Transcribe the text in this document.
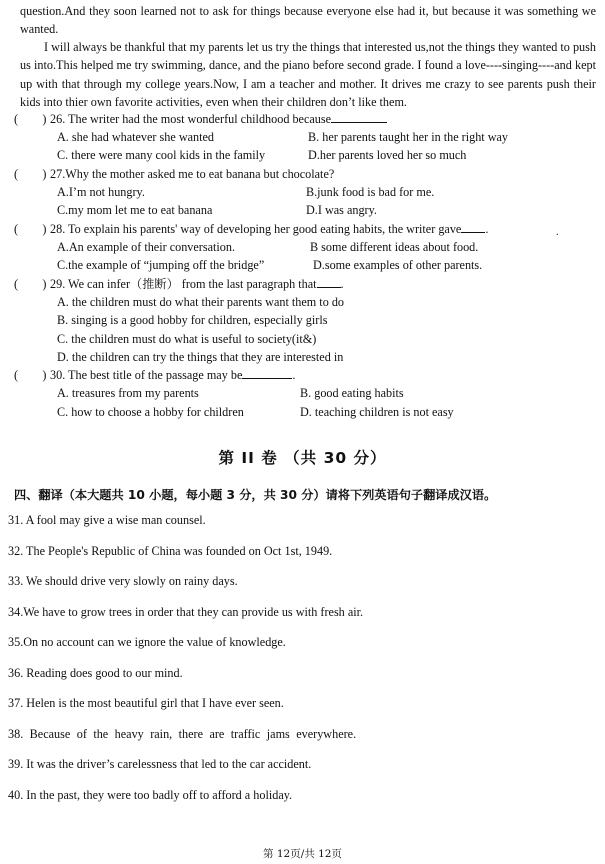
question.And they soon learned not to ask for things because everyone else had it, but because it was something we

wanted.

I will always be thankful that my parents let us try the things that interested us,not the things they wanted to push us into.This helped me try swimming, dance, and the piano before second grade. I found a love----singing----and kept up with that through my college years.Now, I am a teacher and mother. It drives me crazy to see parents push their kids into thier own favorite activities, even when their children don’t like them.

(　　) 26. The writer had the most wonderful childhood because
A. she had whatever she wanted	B. her parents taught her in the right way
C. there were many cool kids in the family	D.her parents loved her so much
(　　) 27.Why the mother asked me to eat banana but chocolate?
A.I’m not hungry.	B.junk food is bad for me.
C.my mom let me to eat banana	D.I was angry.
(　　) 28. To explain his parents' way of developing her good eating habits, the writer gave .	.
A.An example of their conversation.	B some different ideas about food.
C.the example of “jumping off the bridge”	D.some examples of other parents.
(　　) 29. We can infer（推断） from the last paragraph that .
A. the children must do what their parents want them to do
B. singing is a good hobby for children, especially girls
C. the children must do what is useful to society(it&)
D. the children can try the things that they are interested in
(　　) 30. The best title of the passage may be	.
A. treasures from my parents	B. good eating habits
C. how to choose a hobby for children	D. teaching children is not easy
第 II 卷 （共 30 分）
四、翻译（本大题共 10 小题，每小题 3 分，共 30 分）请将下列英语句子翻译成汉语。
31. A fool may give a wise man counsel.
32. The People's Republic of China was founded on Oct 1st, 1949.
33. We should drive very slowly on rainy days.
34.We have to grow trees in order that they can provide us with fresh air.
35.On no account can we ignore the value of knowledge.
36. Reading does good to our mind.
37. Helen is the most beautiful girl that I have ever seen.
38. Because of the heavy rain, there are traffic jams everywhere.
39. It was the driver’s carelessness that led to the car accident.
40. In the past, they were too badly off to afford a holiday.
第 12页/共 12页
